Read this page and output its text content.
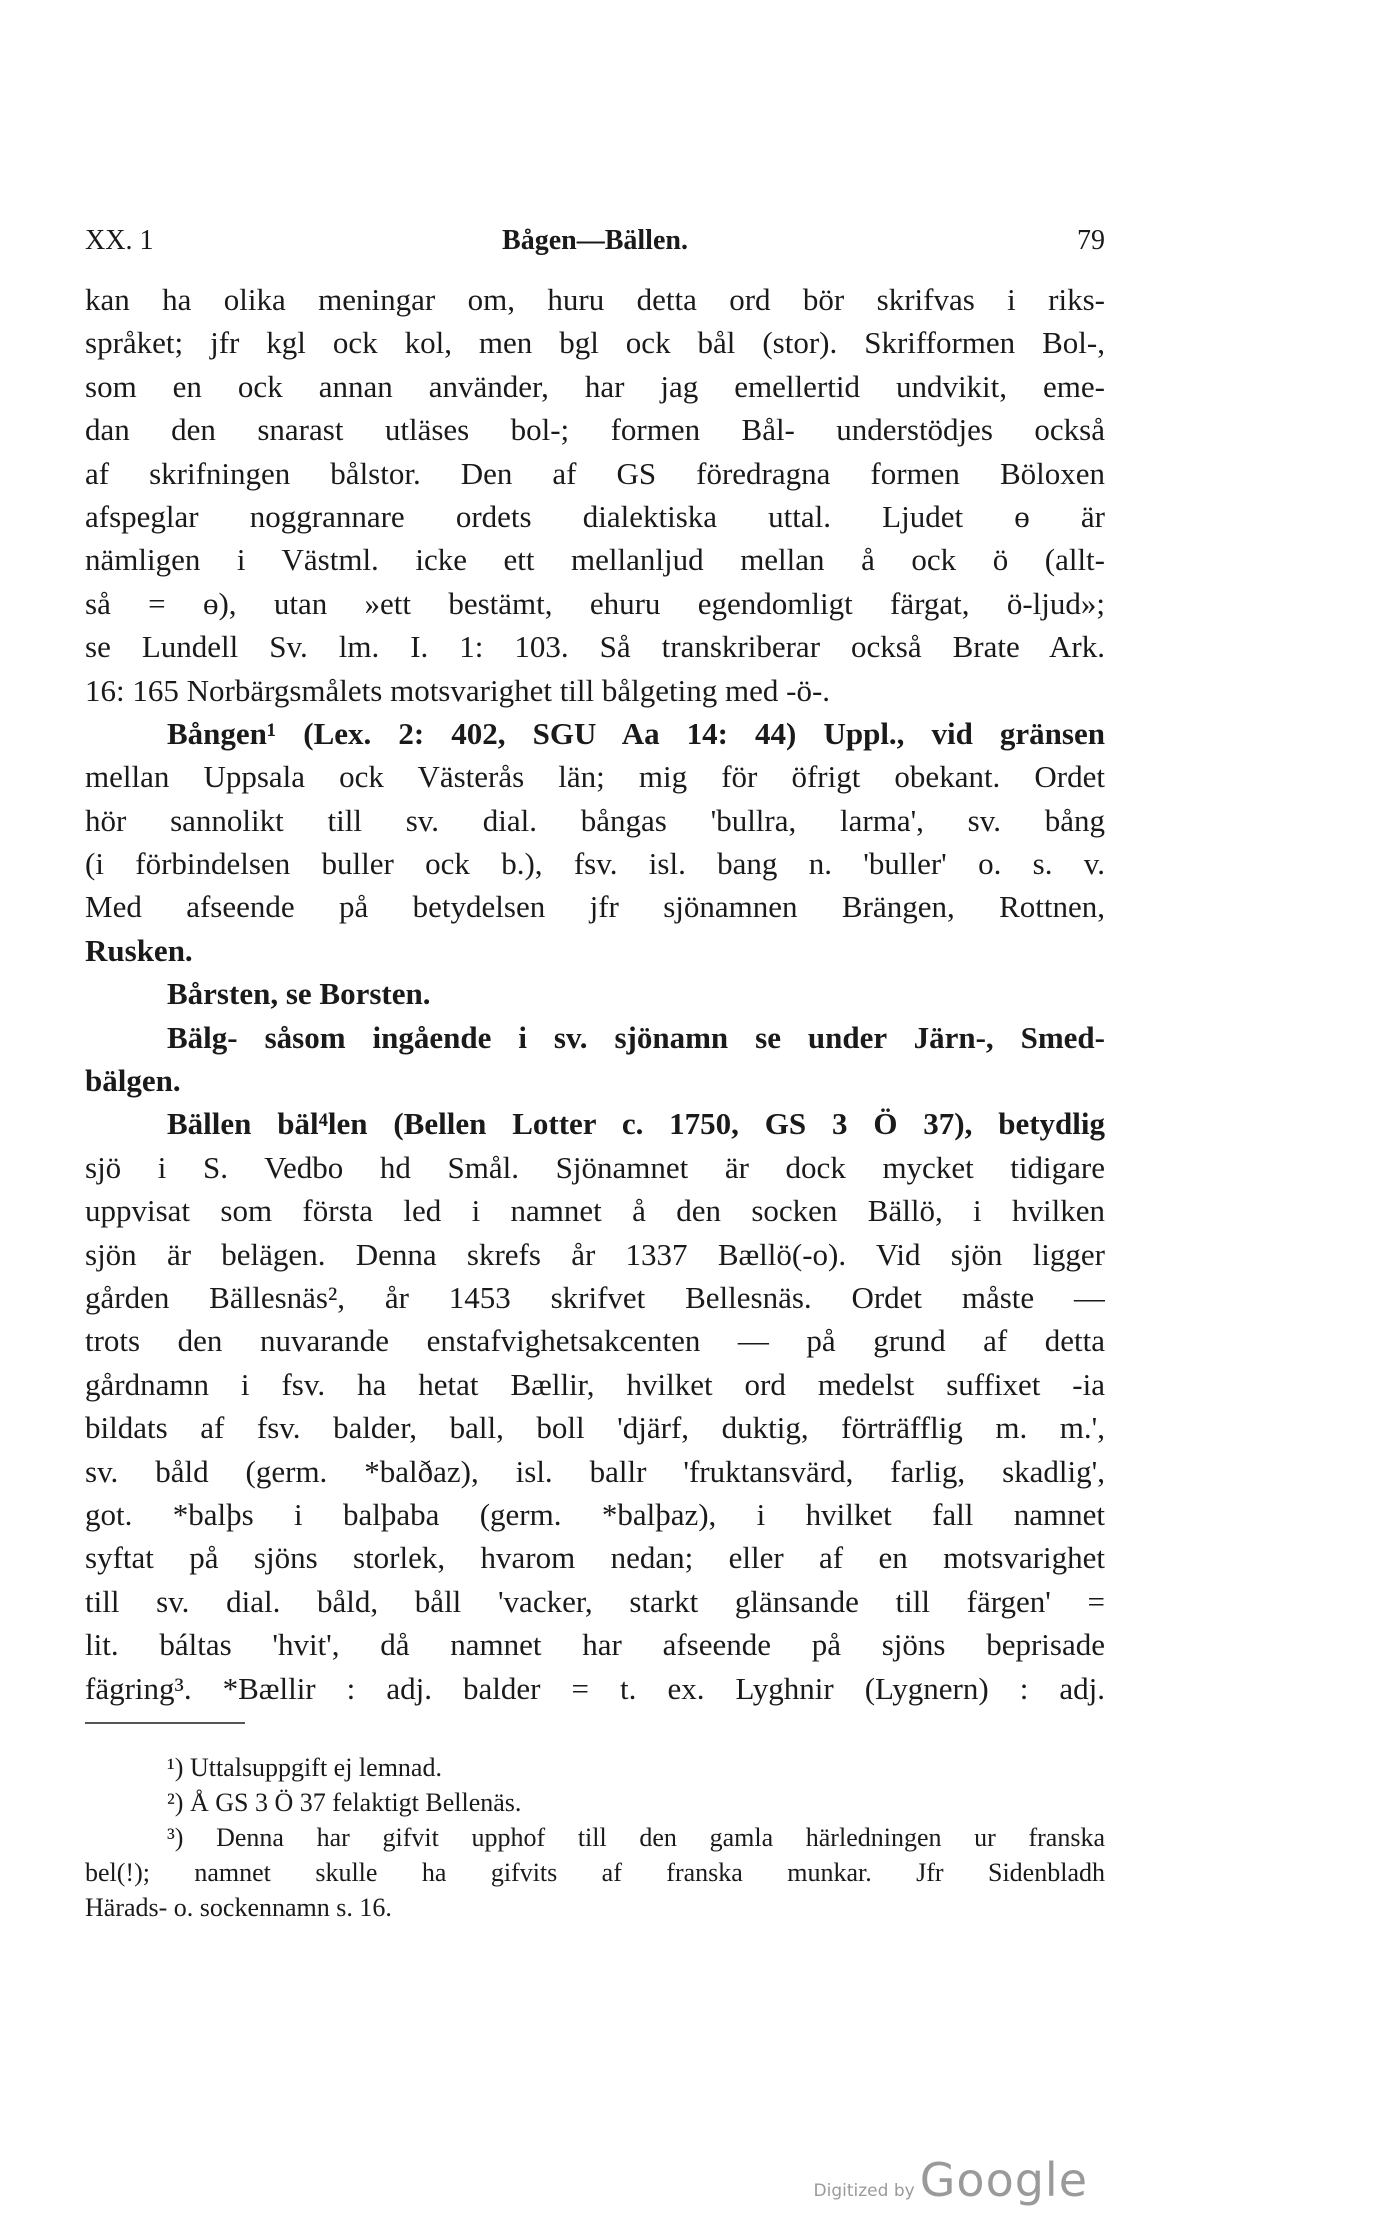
XX. 1	Bågen—Bällen.	79
kan ha olika meningar om, huru detta ord bör skrifvas i riks-
språket; jfr kgl ock kol, men bgl ock bål (stor). Skrifformen Bol-,
som en ock annan använder, har jag emellertid undvikit, eme-
dan den snarast utläses bol-; formen Bål- understödjes också
af skrifningen bålstor. Den af GS föredragna formen Böloxen
afspeglar noggrannare ordets dialektiska uttal. Ljudet ɵ är
nämligen i Västml. icke ett mellanljud mellan å ock ö (allt-
så = ɵ), utan »ett bestämt, ehuru egendomligt färgat, ö-ljud»;
se Lundell Sv. lm. I. 1: 103. Så transkriberar också Brate Ark.
16: 165 Norbärgsmålets motsvarighet till bålgeting med -ö-.
Bången¹ (Lex. 2: 402, SGU Aa 14: 44) Uppl., vid gränsen
mellan Uppsala ock Västerås län; mig för öfrigt obekant. Ordet
hör sannolikt till sv. dial. bångas 'bullra, larma', sv. bång
(i förbindelsen buller ock b.), fsv. isl. bang n. 'buller' o. s. v.
Med afseende på betydelsen jfr sjönamnen Brängen, Rottnen,
Rusken.
Bårsten, se Borsten.
Bälg- såsom ingående i sv. sjönamn se under Järn-, Smed-
bälgen.
Bällen bäl⁴len (Bellen Lotter c. 1750, GS 3 Ö 37), betydlig
sjö i S. Vedbo hd Smål. Sjönamnet är dock mycket tidigare
uppvisat som första led i namnet å den socken Bällö, i hvilken
sjön är belägen. Denna skrefs år 1337 Bællö(-o). Vid sjön ligger
gården Bällesnäs², år 1453 skrifvet Bellesnäs. Ordet måste —
trots den nuvarande enstafvighetsakcenten — på grund af detta
gårdnamn i fsv. ha hetat Bællir, hvilket ord medelst suffixet -ia
bildats af fsv. balder, ball, boll 'djärf, duktig, förträfflig m. m.',
sv. båld (germ. *balðaz), isl. ballr 'fruktansvärd, farlig, skadlig',
got. *balþs i balþaba (germ. *balþaz), i hvilket fall namnet
syftat på sjöns storlek, hvarom nedan; eller af en motsvarighet
till sv. dial. båld, båll 'vacker, starkt glänsande till färgen' =
lit. báltas 'hvit', då namnet har afseende på sjöns beprisade
fägring³. *Bællir : adj. balder = t. ex. Lyghnir (Lygnern) : adj.
¹) Uttalsuppgift ej lemnad.
²) Å GS 3 Ö 37 felaktigt Bellenäs.
³) Denna har gifvit upphof till den gamla härledningen ur franska
bel(!); namnet skulle ha gifvits af franska munkar. Jfr Sidenbladh
Härads- o. sockennamn s. 16.
Digitized by Google
